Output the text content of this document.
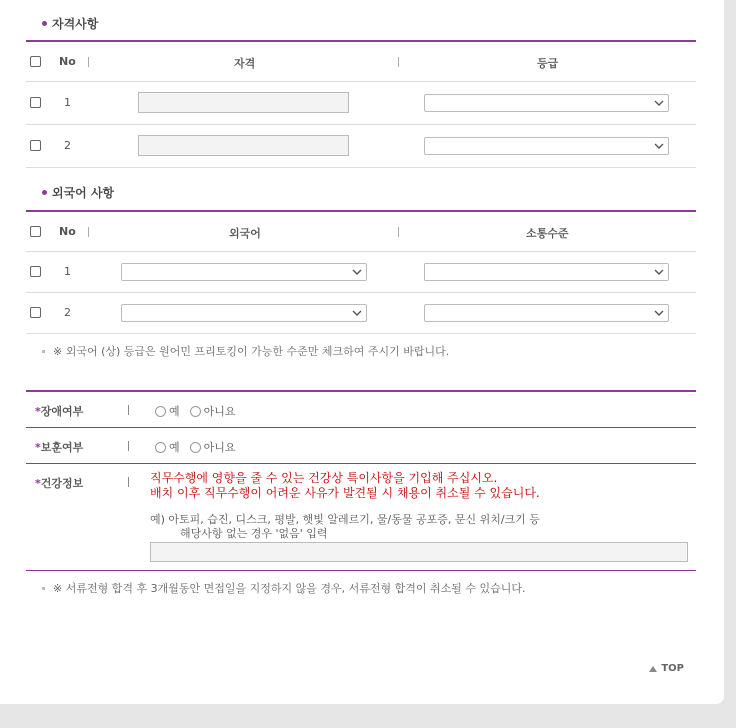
자격사항
No	자격	등급
1
2
외국어 사항
No	외국어	소통수준
1
2
※ 외국어 (상) 등급은 원어민 프리토킹이 가능한 수준만 체크하여 주시기 바랍니다.
*장애여부	예 아니요
*보훈여부	예 아니요
*건강정보	직무수행에 영향을 줄 수 있는 건강상 특이사항을 기입해 주십시오.
배치 이후 직무수행이 어려운 사유가 발견될 시 채용이 취소될 수 있습니다.
예) 아토피, 습진, 디스크, 평발, 햇빛 알레르기, 물/동물 공포증, 문신 위치/크기 등
해당사항 없는 경우 '없음' 입력
※ 서류전형 합격 후 3개월동안 면접일을 지정하지 않을 경우, 서류전형 합격이 취소될 수 있습니다.
TOP
